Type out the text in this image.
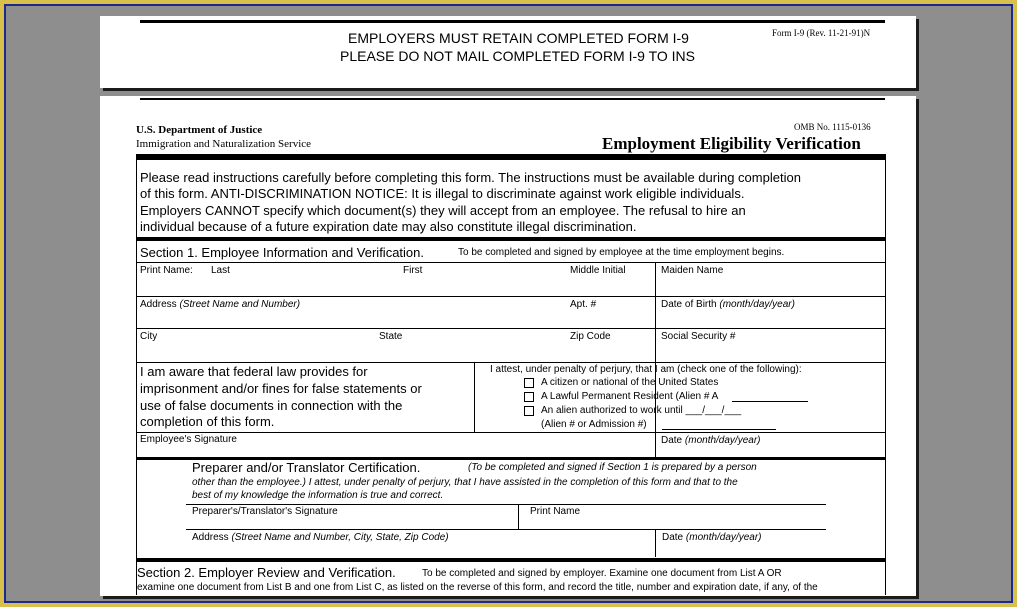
EMPLOYERS MUST RETAIN COMPLETED FORM I-9
PLEASE DO NOT MAIL COMPLETED FORM I-9 TO INS
Form I-9 (Rev. 11-21-91)N
U.S. Department of Justice
Immigration and Naturalization Service
OMB No. 1115-0136
Employment Eligibility Verification
Please read instructions carefully before completing this form. The instructions must be available during completion
of this form. ANTI-DISCRIMINATION NOTICE: It is illegal to discriminate against work eligible individuals.
Employers CANNOT specify which document(s) they will accept from an employee. The refusal to hire an
individual because of a future expiration date may also constitute illegal discrimination.
Section 1. Employee Information and Verification.	To be completed and signed by employee at the time employment begins.
Print Name: Last	First	Middle Initial	Maiden Name
Address (Street Name and Number)	Apt. #	Date of Birth (month/day/year)
City	State	Zip Code	Social Security #
I am aware that federal law provides for
imprisonment and/or fines for false statements or
use of false documents in connection with the
completion of this form.
I attest, under penalty of perjury, that I am (check one of the following):
A citizen or national of the United States
A Lawful Permanent Resident (Alien # A
An alien authorized to work until ___/___/___
(Alien # or Admission #)
Employee's Signature	Date (month/day/year)
Preparer and/or Translator Certification.	(To be completed and signed if Section 1 is prepared by a person
other than the employee.) I attest, under penalty of perjury, that I have assisted in the completion of this form and that to the
best of my knowledge the information is true and correct.
Preparer's/Translator's Signature	Print Name
Address (Street Name and Number, City, State, Zip Code)	Date (month/day/year)
Section 2. Employer Review and Verification.	To be completed and signed by employer. Examine one document from List A OR
examine one document from List B and one from List C, as listed on the reverse of this form, and record the title, number and expiration date, if any, of the
